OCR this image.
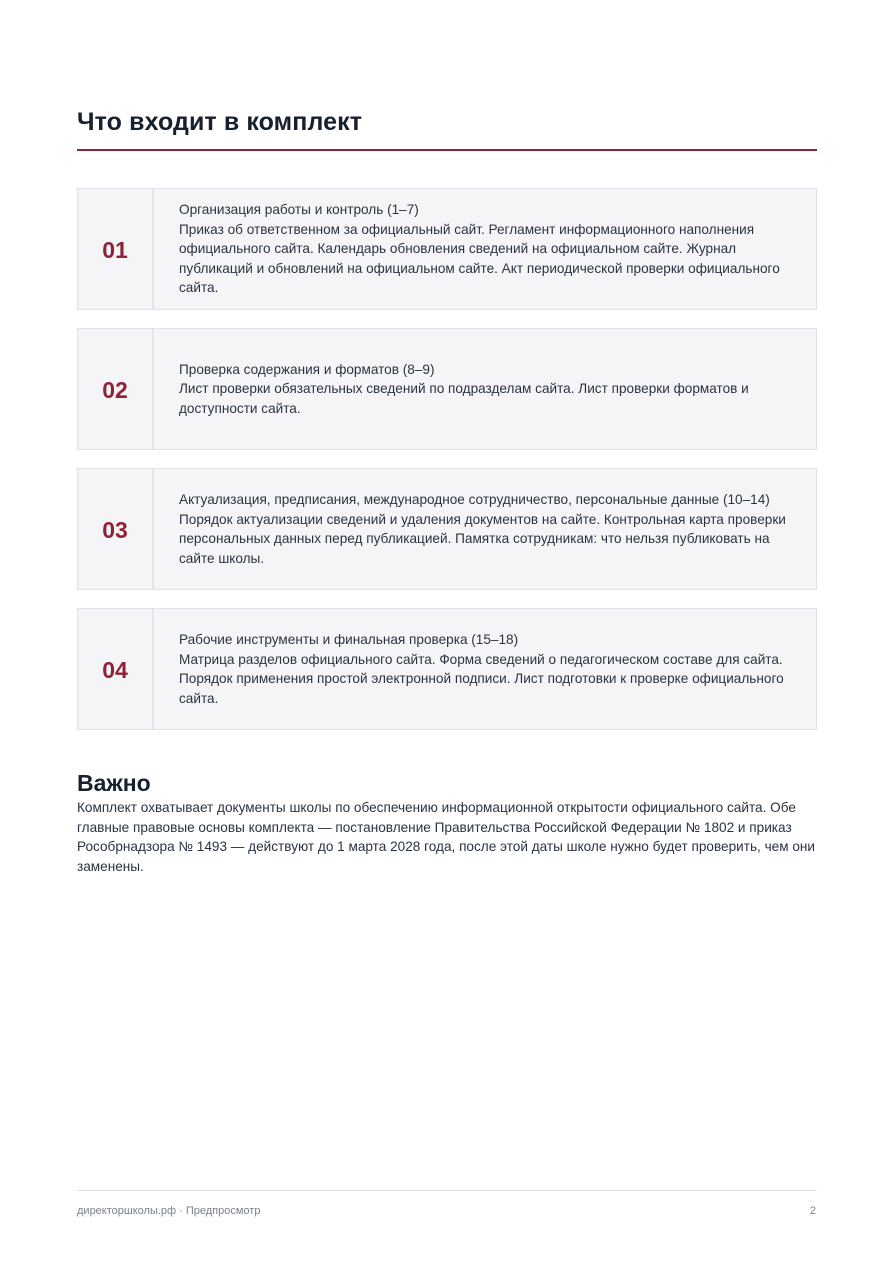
Что входит в комплект
01
Организация работы и контроль (1–7)
Приказ об ответственном за официальный сайт. Регламент информационного наполнения официального сайта. Календарь обновления сведений на официальном сайте. Журнал публикаций и обновлений на официальном сайте. Акт периодической проверки официального сайта.
02
Проверка содержания и форматов (8–9)
Лист проверки обязательных сведений по подразделам сайта. Лист проверки форматов и доступности сайта.
03
Актуализация, предписания, международное сотрудничество, персональные данные (10–14)
Порядок актуализации сведений и удаления документов на сайте. Контрольная карта проверки персональных данных перед публикацией. Памятка сотрудникам: что нельзя публиковать на сайте школы.
04
Рабочие инструменты и финальная проверка (15–18)
Матрица разделов официального сайта. Форма сведений о педагогическом составе для сайта. Порядок применения простой электронной подписи. Лист подготовки к проверке официального сайта.
Важно

Комплект охватывает документы школы по обеспечению информационной открытости официального сайта. Обе главные правовые основы комплекта — постановление Правительства Российской Федерации № 1802 и приказ Рособрнадзора № 1493 — действуют до 1 марта 2028 года, после этой даты школе нужно будет проверить, чем они заменены.

директоршколы.рф · Предпросмотр	2
